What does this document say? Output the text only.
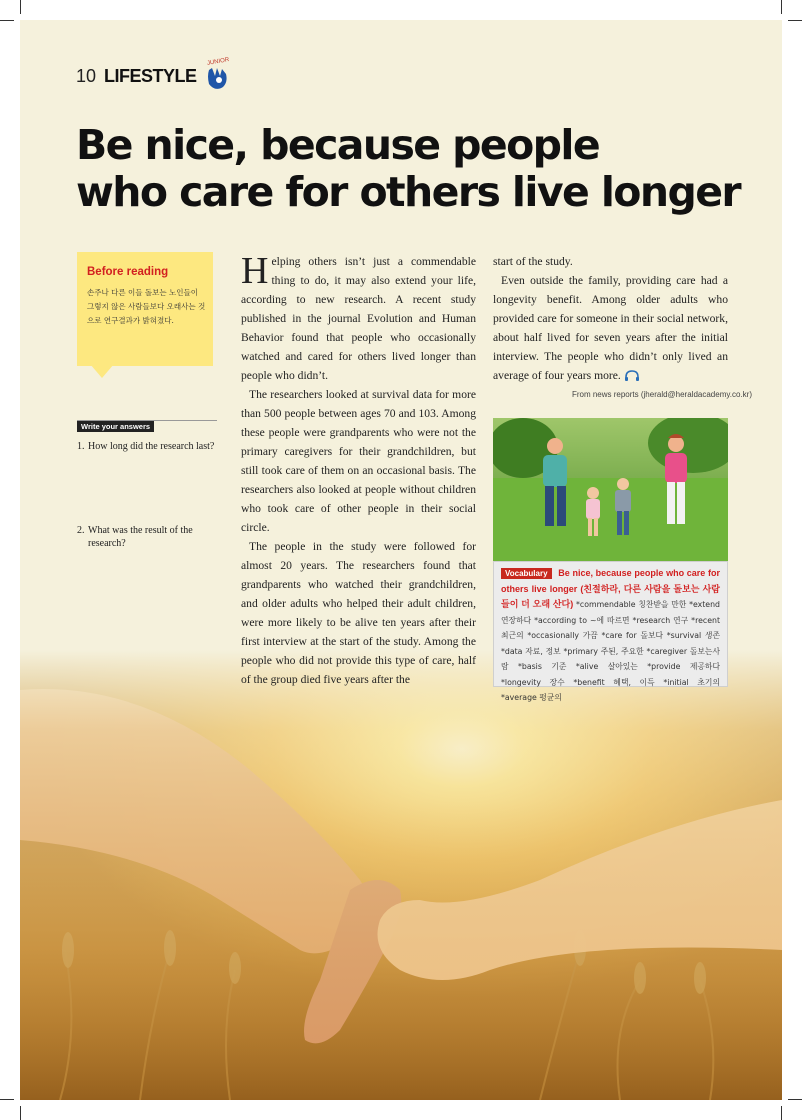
10 LIFESTYLE
JUNIOR
Be nice, because people
who care for others live longer
Before reading

손주나 다른 이들 돌보는 노인들이 그렇지 않은 사람들보다 오래사는 것으로 연구결과가 밝혀졌다.

Write your answers
1. How long did the research last?
2. What was the result of the research?

Helping others isn’t just a commendable thing to do, it may also extend your life, according to new research. A recent study published in the journal Evolution and Human Behavior found that people who occasionally watched and cared for others lived longer than people who didn’t.

The researchers looked at survival data for more than 500 people between ages 70 and 103. Among these people were grandparents who were not the primary caregivers for their grandchildren, but still took care of them on an occasional basis. The researchers also looked at people without children who took care of other people in their social circle.

The people in the study were followed for almost 20 years. The researchers found that grandparents who watched their grandchildren, and older adults who helped their adult children, were more likely to be alive ten years after their first interview at the start of the study. Among the people who did not provide this type of care, half of the group died five years after the

start of the study.

Even outside the family, providing care had a longevity benefit. Among older adults who provided care for someone in their social network, about half lived for seven years after the initial interview. The people who didn’t only lived an average of four years more.

From news reports (jherald@heraldacademy.co.kr)
Vocabulary Be nice, because people who care for others live longer (친절하라, 다른 사람을 돌보는 사람들이 더 오래 산다) *commendable 칭찬받을 만한 *extend 연장하다 *according to ~에 따르면 *research 연구 *recent 최근의 *occasionally 가끔 *care for 돌보다 *survival 생존 *data 자료, 정보 *primary 주된, 주요한 *caregiver 돌보는사람 *basis 기준 *alive 살아있는 *provide 제공하다 *longevity 장수 *benefit 혜택, 이득 *initial 초기의 *average 평균의
